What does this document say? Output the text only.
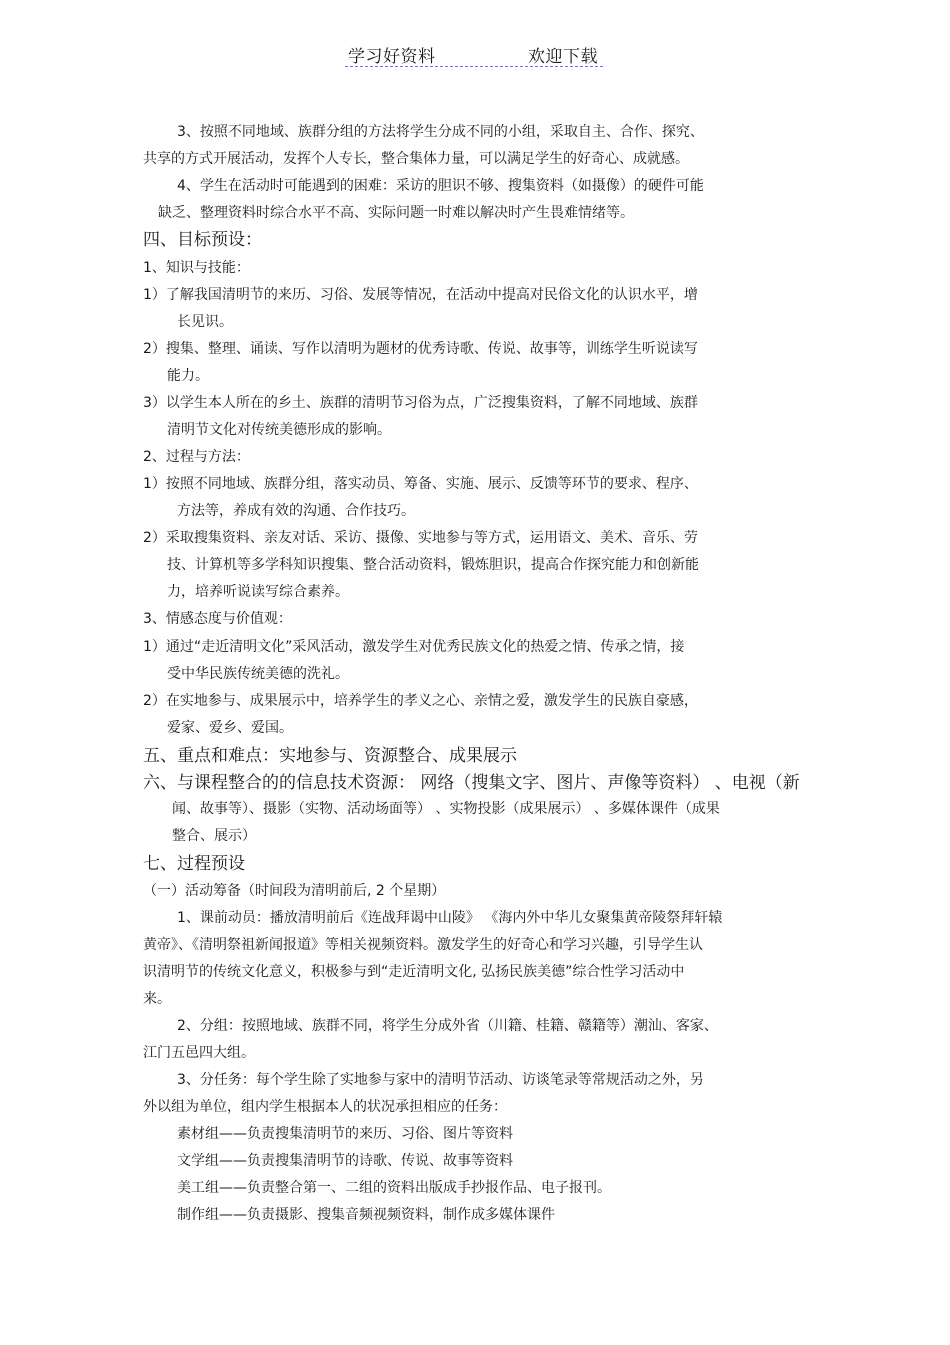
学习好资料	欢迎下载
3、按照不同地域、族群分组的方法将学生分成不同的小组，采取自主、合作、探究、
共享的方式开展活动，发挥个人专长，整合集体力量，可以满足学生的好奇心、成就感。
4、学生在活动时可能遇到的困难：采访的胆识不够、搜集资料（如摄像）的硬件可能
缺乏、整理资料时综合水平不高、实际问题一时难以解决时产生畏难情绪等。
四、目标预设：
1、知识与技能：
1）了解我国清明节的来历、习俗、发展等情况，在活动中提高对民俗文化的认识水平，增
长见识。
2）搜集、整理、诵读、写作以清明为题材的优秀诗歌、传说、故事等，训练学生听说读写
能力。
3）以学生本人所在的乡土、族群的清明节习俗为点，广泛搜集资料，了解不同地域、族群
清明节文化对传统美德形成的影响。
2、过程与方法：
1）按照不同地域、族群分组，落实动员、筹备、实施、展示、反馈等环节的要求、程序、
方法等，养成有效的沟通、合作技巧。
2）采取搜集资料、亲友对话、采访、摄像、实地参与等方式，运用语文、美术、音乐、劳
技、计算机等多学科知识搜集、整合活动资料，锻炼胆识，提高合作探究能力和创新能
力，培养听说读写综合素养。
3、情感态度与价值观：
1）通过“走近清明文化”采风活动，激发学生对优秀民族文化的热爱之情、传承之情，接
受中华民族传统美德的洗礼。
2）在实地参与、成果展示中，培养学生的孝义之心、亲情之爱，激发学生的民族自豪感，
爱家、爱乡、爱国。
五、重点和难点：实地参与、资源整合、成果展示
六、与课程整合的的信息技术资源： 网络（搜集文字、图片、声像等资料） 、电视（新
闻、故事等）、摄影（实物、活动场面等） 、实物投影（成果展示） 、多媒体课件（成果
整合、展示）
七、过程预设
（一）活动筹备（时间段为清明前后, 2 个星期）
1、课前动员：播放清明前后《连战拜谒中山陵》 《海内外中华儿女聚集黄帝陵祭拜轩辕
黄帝》、《清明祭祖新闻报道》等相关视频资料。激发学生的好奇心和学习兴趣，引导学生认
识清明节的传统文化意义，积极参与到“走近清明文化, 弘扬民族美德”综合性学习活动中
来。
2、分组：按照地域、族群不同，将学生分成外省（川籍、桂籍、赣籍等）潮汕、客家、
江门五邑四大组。
3、分任务：每个学生除了实地参与家中的清明节活动、访谈笔录等常规活动之外，另
外以组为单位，组内学生根据本人的状况承担相应的任务：
素材组——负责搜集清明节的来历、习俗、图片等资料
文学组——负责搜集清明节的诗歌、传说、故事等资料
美工组——负责整合第一、二组的资料出版成手抄报作品、电子报刊。
制作组——负责摄影、搜集音频视频资料，制作成多媒体课件
